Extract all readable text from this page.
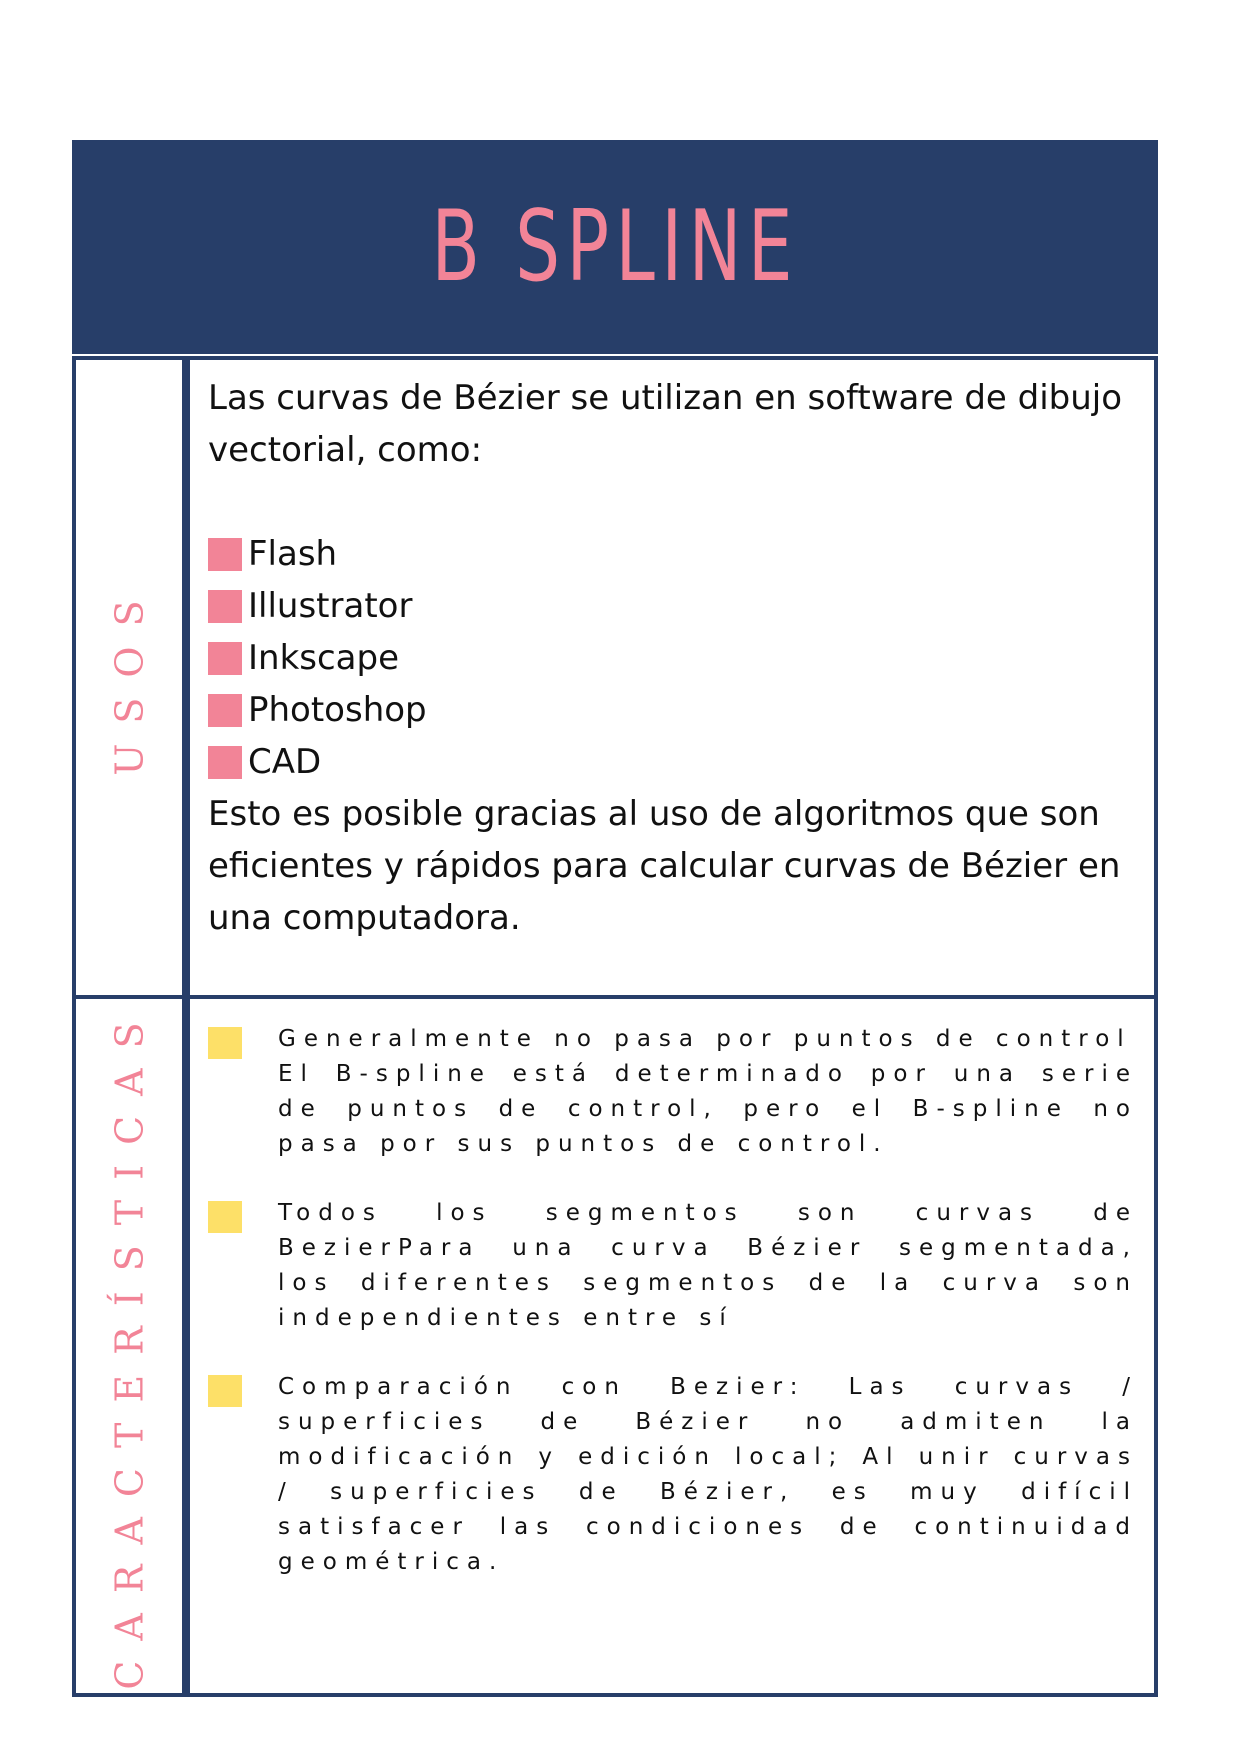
B SPLINE
USOS
CARACTERÍSTICAS

Las curvas de Bézier se utilizan en software de dibujo vectorial, como:

Flash
Illustrator
Inkscape
Photoshop
CAD

Esto es posible gracias al uso de algoritmos que son eficientes y rápidos para calcular curvas de Bézier en una computadora.

Generalmente no pasa por puntos de control
El B-spline está determinado por una serie de puntos de control, pero el B-spline no pasa por sus puntos de control.
Todos los segmentos son curvas de BezierPara una curva Bézier segmentada, los diferentes segmentos de la curva son independientes entre sí
Comparación con Bezier: Las curvas / superficies de Bézier no admiten la modificación y edición local; Al unir curvas / superficies de Bézier, es muy difícil satisfacer las condiciones de continuidad geométrica.
